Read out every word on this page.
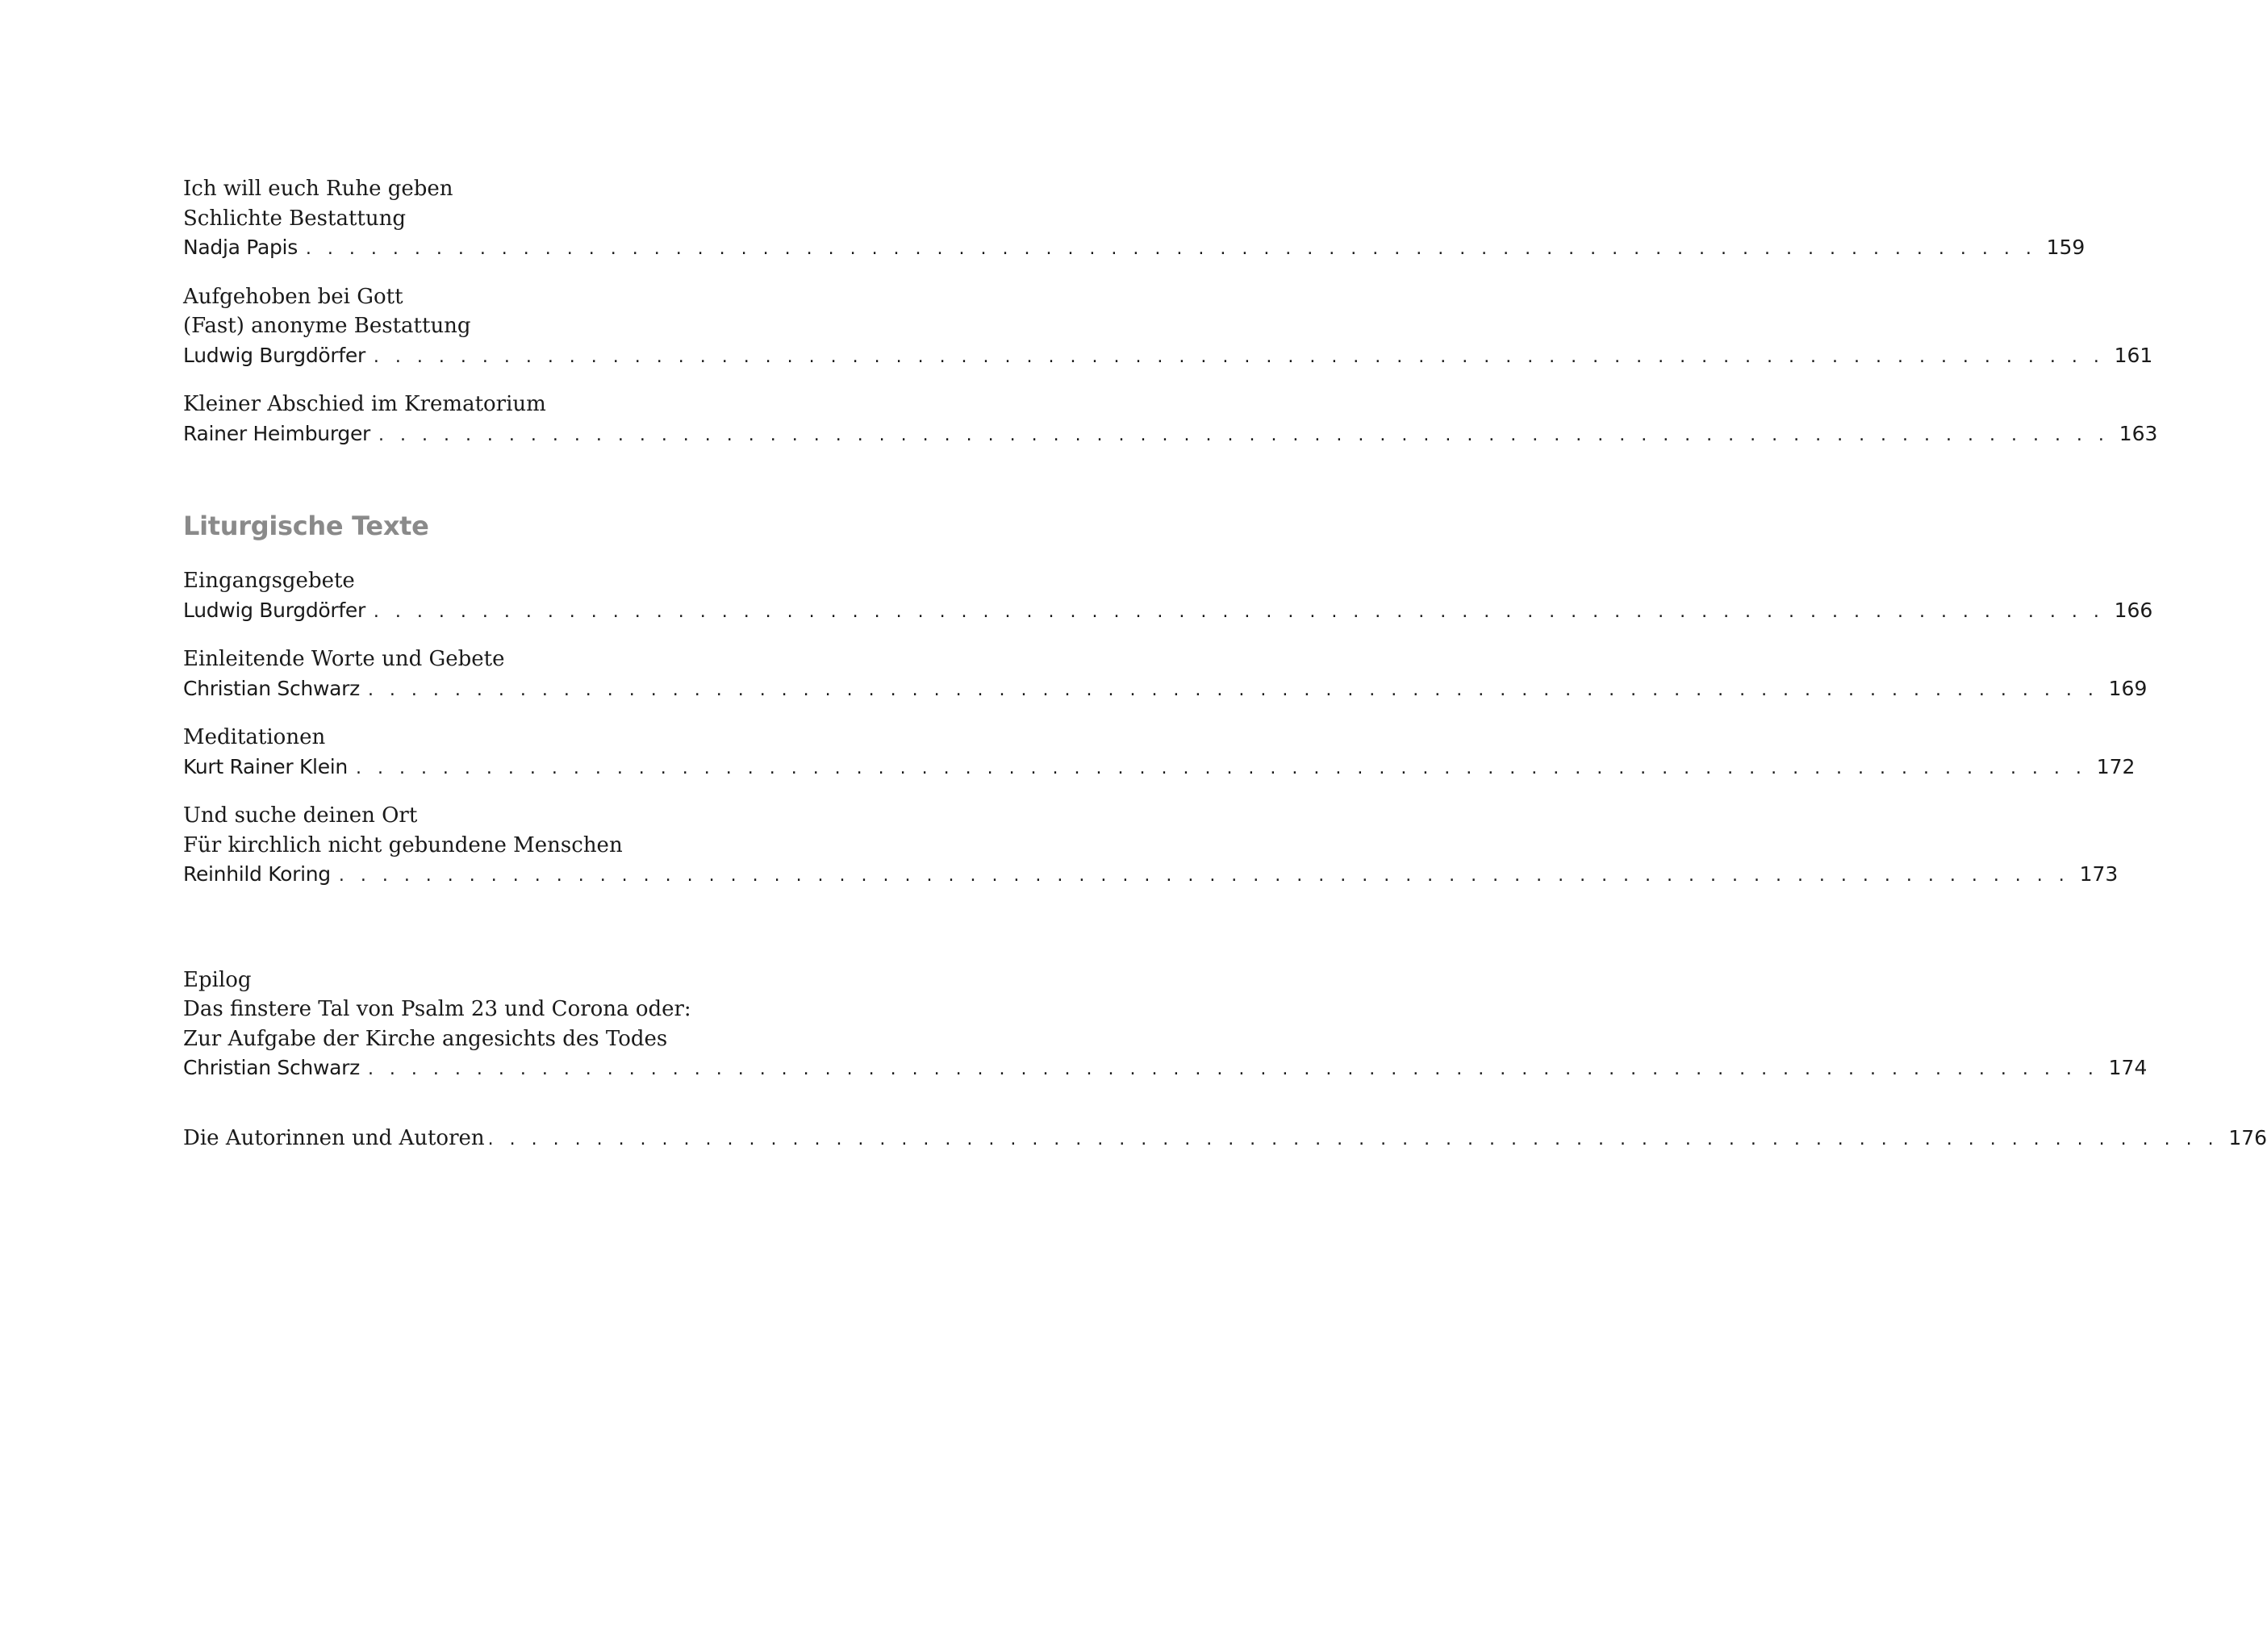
Ich will euch Ruhe geben
Schlichte Bestattung
Nadja Papis . . . . . . . . . . . . . . . . . . . . . . . . . . . . . . . . . . . . . . . . . . . . . . . . . . . . . . . . . . . . . . . . . . . . . . . . . . . . . . . . 159
Aufgehoben bei Gott
(Fast) anonyme Bestattung
Ludwig Burgdörfer . . . . . . . . . . . . . . . . . . . . . . . . . . . . . . . . . . . . . . . . . . . . . . . . . . . . . . . . . . . . . . . . . . . . . . . . . . . . . . . . 161
Kleiner Abschied im Krematorium
Rainer Heimburger . . . . . . . . . . . . . . . . . . . . . . . . . . . . . . . . . . . . . . . . . . . . . . . . . . . . . . . . . . . . . . . . . . . . . . . . . . . . . . . . 163
Liturgische Texte
Eingangsgebete
Ludwig Burgdörfer . . . . . . . . . . . . . . . . . . . . . . . . . . . . . . . . . . . . . . . . . . . . . . . . . . . . . . . . . . . . . . . . . . . . . . . . . . . . . . . . 166
Einleitende Worte und Gebete
Christian Schwarz . . . . . . . . . . . . . . . . . . . . . . . . . . . . . . . . . . . . . . . . . . . . . . . . . . . . . . . . . . . . . . . . . . . . . . . . . . . . . . . . 169
Meditationen
Kurt Rainer Klein . . . . . . . . . . . . . . . . . . . . . . . . . . . . . . . . . . . . . . . . . . . . . . . . . . . . . . . . . . . . . . . . . . . . . . . . . . . . . . . . 172
Und suche deinen Ort
Für kirchlich nicht gebundene Menschen
Reinhild Koring . . . . . . . . . . . . . . . . . . . . . . . . . . . . . . . . . . . . . . . . . . . . . . . . . . . . . . . . . . . . . . . . . . . . . . . . . . . . . . . . 173
Epilog
Das finstere Tal von Psalm 23 und Corona oder:
Zur Aufgabe der Kirche angesichts des Todes
Christian Schwarz . . . . . . . . . . . . . . . . . . . . . . . . . . . . . . . . . . . . . . . . . . . . . . . . . . . . . . . . . . . . . . . . . . . . . . . . . . . . . . . . 174
Die Autorinnen und Autoren . . . . . . . . . . . . . . . . . . . . . . . . . . . . . . . . . . . . . . . . . . . . . . . . . . . . . . . . . . . . . . . . . . . . . . . . . . . . . . . . 176
